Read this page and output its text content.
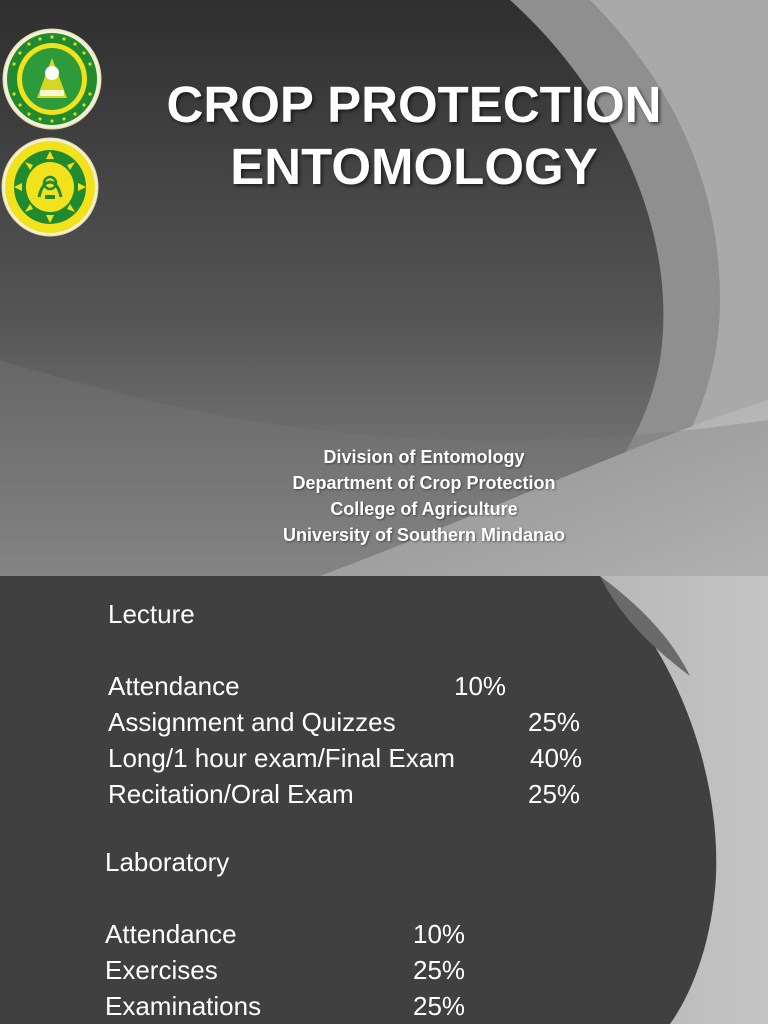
CROP PROTECTION
ENTOMOLOGY
Division of Entomology
Department of Crop Protection
College of Agriculture
University of Southern Mindanao
Lecture
Attendance	10%
Assignment and Quizzes	25%
Long/1 hour exam/Final Exam	40%
Recitation/Oral Exam	25%
Laboratory
Attendance	10%
Exercises	25%
Examinations	25%
